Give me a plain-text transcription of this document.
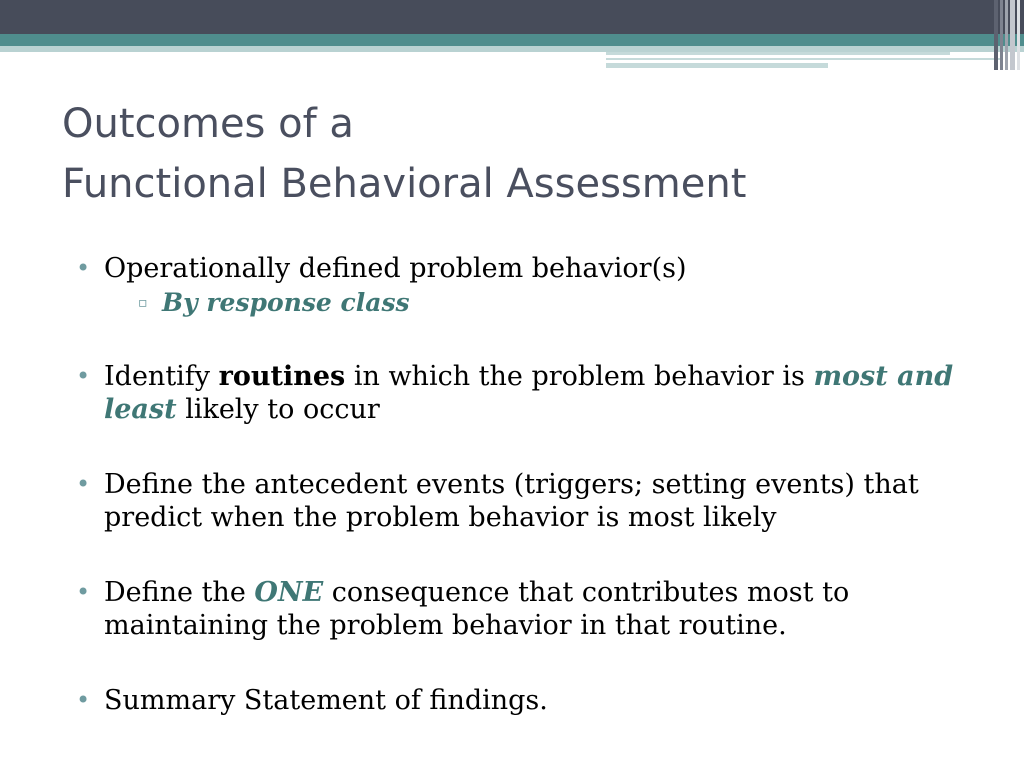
Outcomes of a
Functional Behavioral Assessment
• Operationally defined problem behavior(s)
▫ By response class
• Identify routines in which the problem behavior is most and least likely to occur
• Define the antecedent events (triggers; setting events) that predict when the problem behavior is most likely
• Define the ONE consequence that contributes most to maintaining the problem behavior in that routine.
• Summary Statement of findings.
